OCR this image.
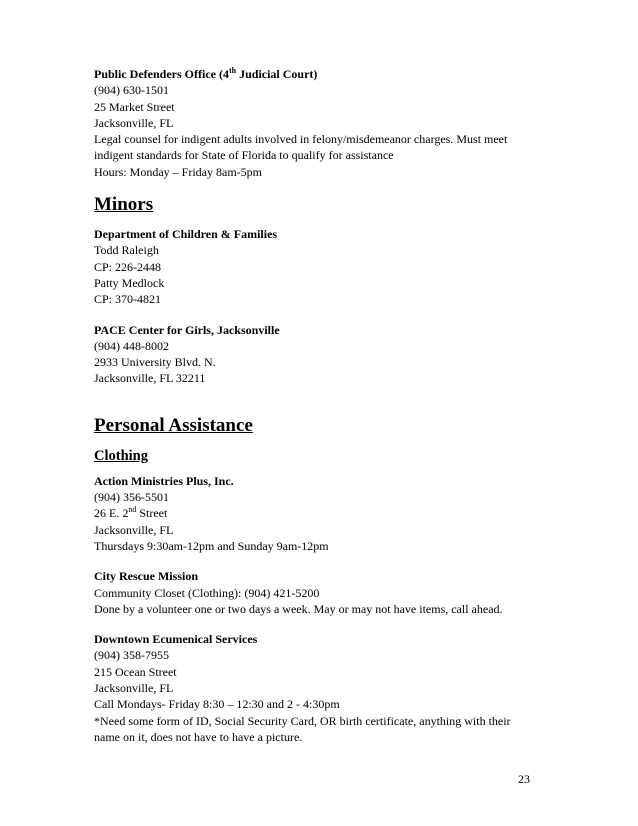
Public Defenders Office (4th Judicial Court)
(904) 630-1501
25 Market Street
Jacksonville, FL
Legal counsel for indigent adults involved in felony/misdemeanor charges. Must meet indigent standards for State of Florida to qualify for assistance
Hours: Monday – Friday 8am-5pm
Minors
Department of Children & Families
Todd Raleigh
CP: 226-2448
Patty Medlock
CP: 370-4821
PACE Center for Girls, Jacksonville
(904) 448-8002
2933 University Blvd. N.
Jacksonville, FL 32211
Personal Assistance
Clothing
Action Ministries Plus, Inc.
(904) 356-5501
26 E. 2nd Street
Jacksonville, FL
Thursdays 9:30am-12pm and Sunday 9am-12pm
City Rescue Mission
Community Closet (Clothing): (904) 421-5200
Done by a volunteer one or two days a week. May or may not have items, call ahead.
Downtown Ecumenical Services
(904) 358-7955
215 Ocean Street
Jacksonville, FL
Call Mondays- Friday 8:30 – 12:30 and 2 - 4:30pm
*Need some form of ID, Social Security Card, OR birth certificate, anything with their name on it, does not have to have a picture.
23
